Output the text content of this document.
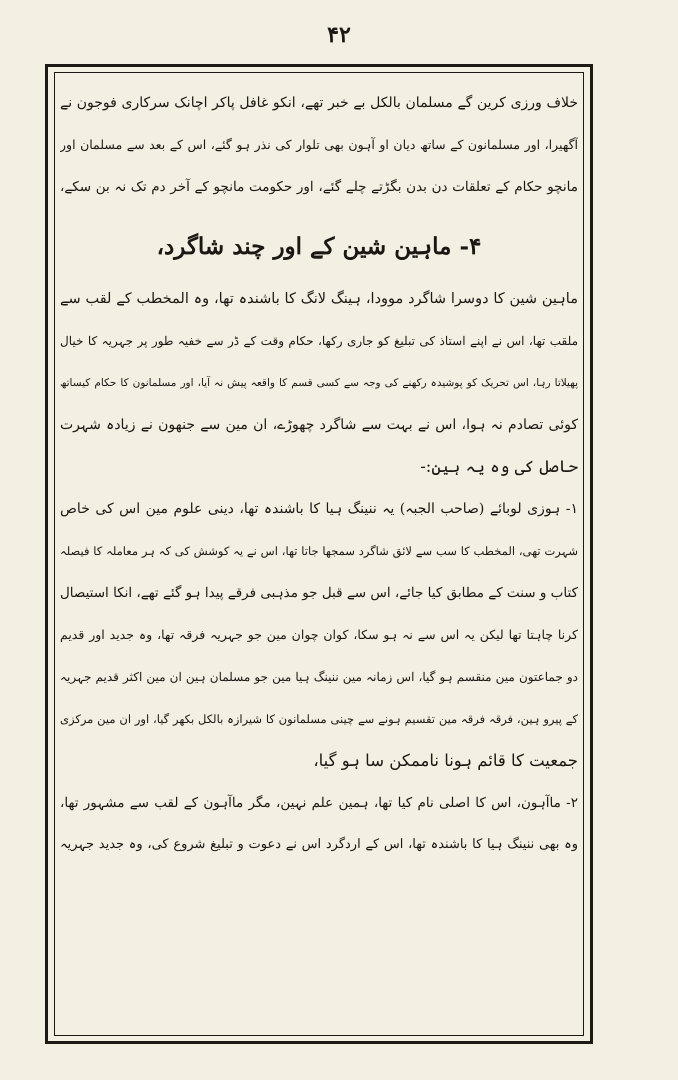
۴۲
خلاف ورزی کرین گے مسلمان بالکل بے خبر تھے، انکو غافل پاکر اچانک سرکاری فوجون نے
آگھیرا، اور مسلمانون کے ساتھ دیان او آہون بھی تلوار کی نذر ہو گئے، اس کے بعد سے مسلمان اور
مانچو حکام کے تعلقات دن بدن بگڑتے چلے گئے، اور حکومت مانچو کے آخر دم تک نہ بن سکے،
۴- ماہین شین کے اور چند شاگرد،
ماہین شین کا دوسرا شاگرد موودا، ہینگ لانگ کا باشندہ تھا، وہ المخطب کے لقب سے
ملقب تھا، اس نے اپنے استاذ کی تبلیغ کو جاری رکھا، حکام وقت کے ڈر سے خفیہ طور پر جہریہ کا خیال
پھیلاتا رہا، اس تحریک کو پوشیدہ رکھنے کی وجہ سے کسی قسم کا واقعہ پیش نہ آیا، اور مسلمانون کا حکام کیساتھ
کوئی تصادم نہ ہوا، اس نے بہت سے شاگرد چھوڑے، ان مین سے جنھون نے زیادہ شہرت
حاصل کی وہ یہ ہین:-
۱- ہوزی لوبائے (صاحب الجبہ) یہ ننینگ ہیا کا باشندہ تھا، دینی علوم مین اس کی خاص
شہرت تھی، المخطب کا سب سے لائق شاگرد سمجھا جاتا تھا، اس نے یہ کوشش کی کہ ہر معاملہ کا فیصلہ
کتاب و سنت کے مطابق کیا جائے، اس سے قبل جو مذہبی فرقے پیدا ہو گئے تھے، انکا استیصال
کرنا چاہتا تھا لیکن یہ اس سے نہ ہو سکا، کوان چوان مین جو جہریہ فرقہ تھا، وہ جدید اور قدیم
دو جماعتون مین منقسم ہو گیا، اس زمانہ مین ننینگ ہیا مین جو مسلمان ہین ان مین اکثر قدیم جہریہ
کے پیرو ہین، فرقہ فرقہ مین تقسیم ہونے سے چینی مسلمانون کا شیرازہ بالکل بکھر گیا، اور ان مین مرکزی
جمعیت کا قائم ہونا ناممکن سا ہو گیا،
۲- ماآہون، اس کا اصلی نام کیا تھا، ہمین علم نہین، مگر ماآہون کے لقب سے مشہور تھا،
وہ بھی ننینگ ہیا کا باشندہ تھا، اس کے اردگرد اس نے دعوت و تبلیغ شروع کی، وہ جدید جہریہ
